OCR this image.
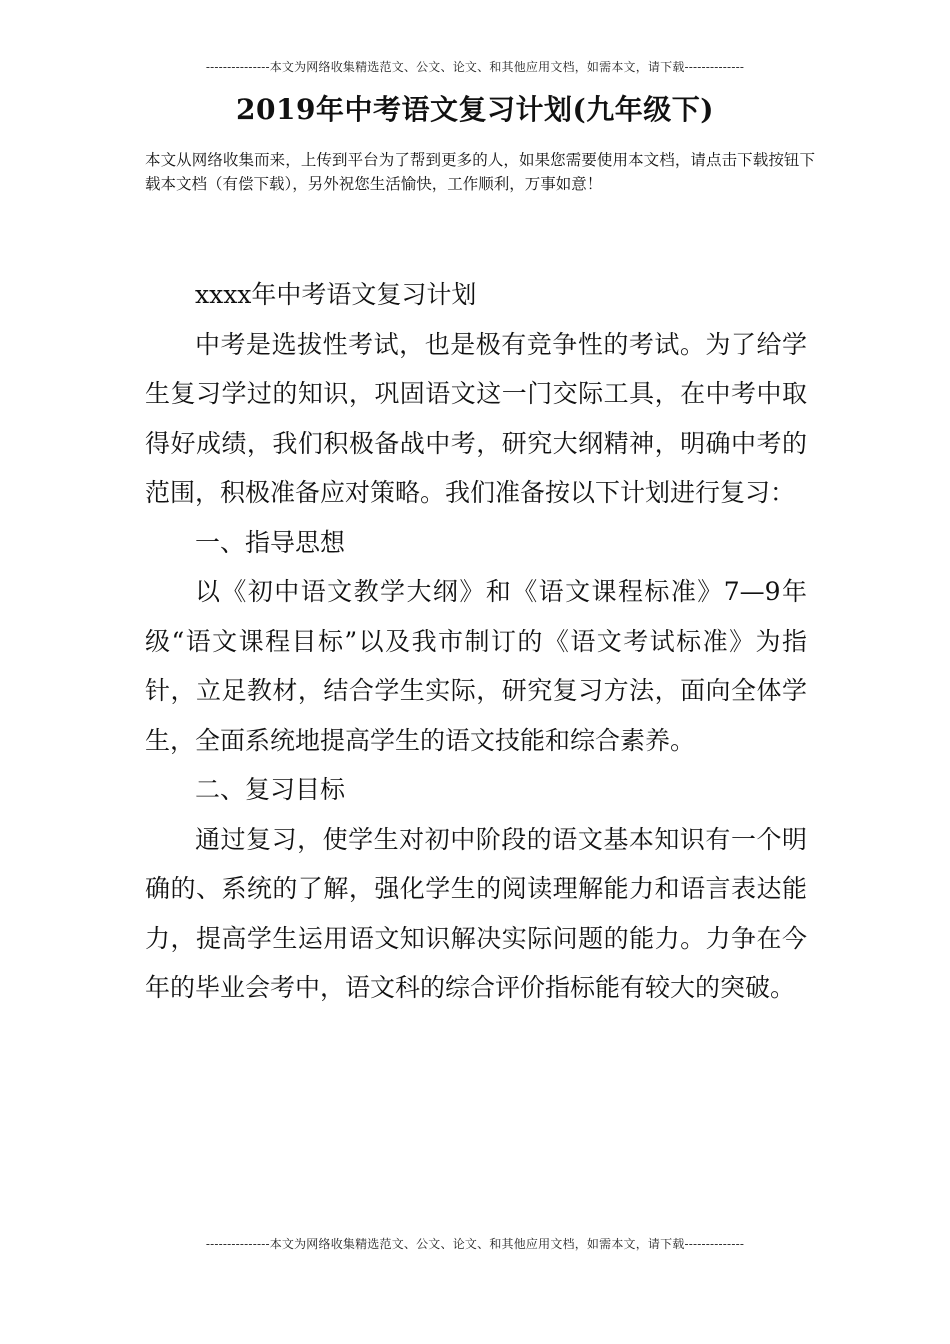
---------------本文为网络收集精选范文、公文、论文、和其他应用文档，如需本文，请下载--------------
2019年中考语文复习计划(九年级下)

本文从网络收集而来，上传到平台为了帮到更多的人，如果您需要使用本文档，请点击下载按钮下载本文档（有偿下载），另外祝您生活愉快，工作顺利，万事如意！

xxxx年中考语文复习计划

中考是选拔性考试，也是极有竞争性的考试。为了给学生复习学过的知识，巩固语文这一门交际工具，在中考中取得好成绩，我们积极备战中考，研究大纲精神，明确中考的范围，积极准备应对策略。我们准备按以下计划进行复习：

一、指导思想

以《初中语文教学大纲》和《语文课程标准》7—9年级“语文课程目标”以及我市制订的《语文考试标准》为指针，立足教材，结合学生实际，研究复习方法，面向全体学生，全面系统地提高学生的语文技能和综合素养。

二、复习目标

通过复习，使学生对初中阶段的语文基本知识有一个明确的、系统的了解，强化学生的阅读理解能力和语言表达能力，提高学生运用语文知识解决实际问题的能力。力争在今年的毕业会考中，语文科的综合评价指标能有较大的突破。

---------------本文为网络收集精选范文、公文、论文、和其他应用文档，如需本文，请下载--------------
